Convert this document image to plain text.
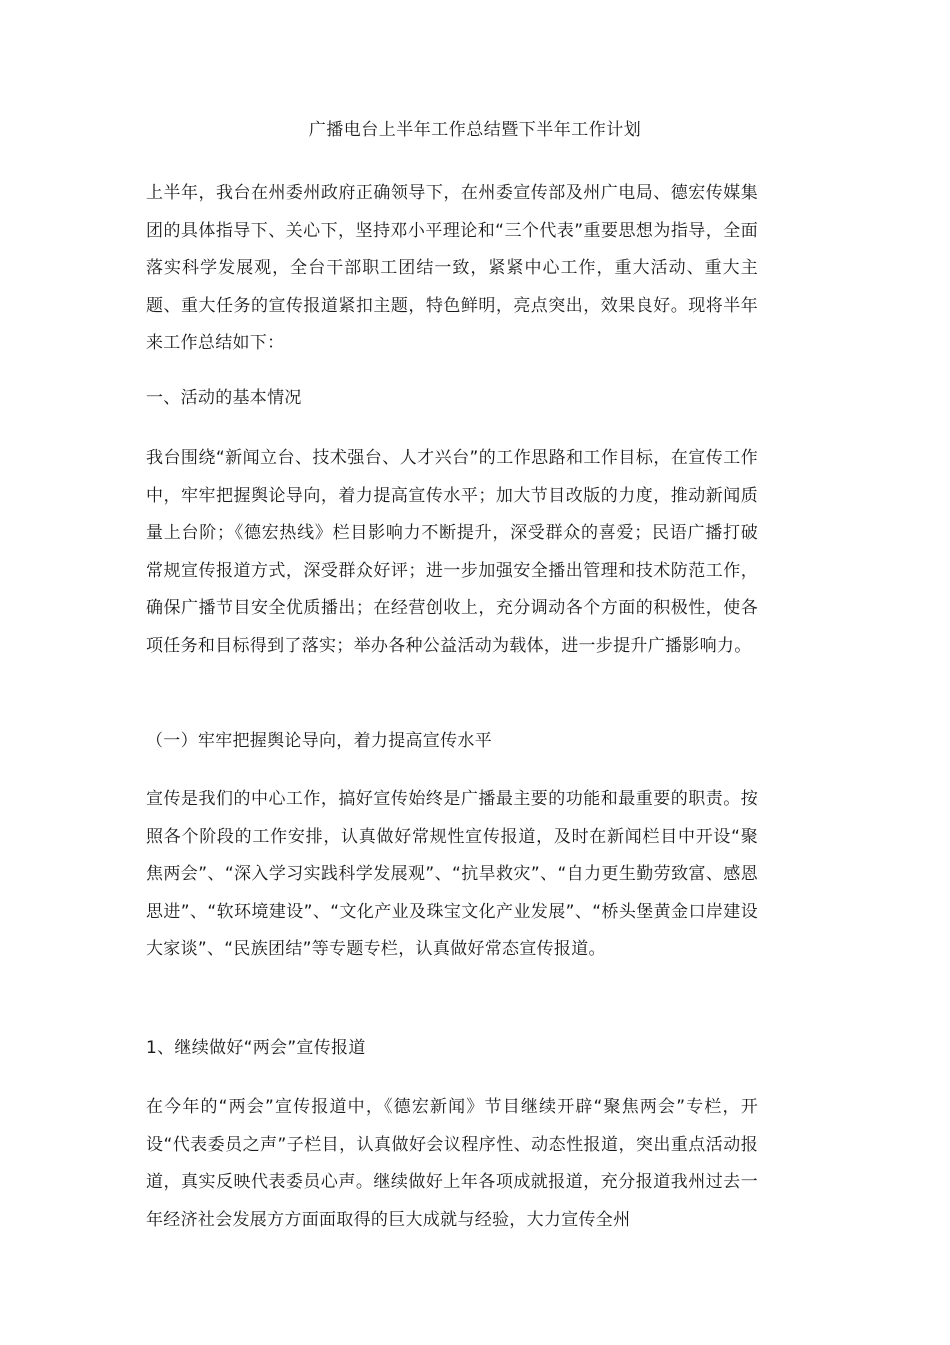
广播电台上半年工作总结暨下半年工作计划

上半年，我台在州委州政府正确领导下，在州委宣传部及州广电局、德宏传媒集团的具体指导下、关心下，坚持邓小平理论和“三个代表”重要思想为指导，全面落实科学发展观，全台干部职工团结一致，紧紧中心工作，重大活动、重大主题、重大任务的宣传报道紧扣主题，特色鲜明，亮点突出，效果良好。现将半年来工作总结如下：

一、活动的基本情况

我台围绕“新闻立台、技术强台、人才兴台”的工作思路和工作目标，在宣传工作中，牢牢把握舆论导向，着力提高宣传水平；加大节目改版的力度，推动新闻质量上台阶；《德宏热线》栏目影响力不断提升，深受群众的喜爱；民语广播打破常规宣传报道方式，深受群众好评；进一步加强安全播出管理和技术防范工作，确保广播节目安全优质播出；在经营创收上，充分调动各个方面的积极性，使各项任务和目标得到了落实；举办各种公益活动为载体，进一步提升广播影响力。

（一）牢牢把握舆论导向，着力提高宣传水平

宣传是我们的中心工作，搞好宣传始终是广播最主要的功能和最重要的职责。按照各个阶段的工作安排，认真做好常规性宣传报道，及时在新闻栏目中开设“聚焦两会”、“深入学习实践科学发展观”、“抗旱救灾”、“自力更生勤劳致富、感恩思进”、“软环境建设”、“文化产业及珠宝文化产业发展”、“桥头堡黄金口岸建设大家谈”、“民族团结”等专题专栏，认真做好常态宣传报道。

1、继续做好“两会”宣传报道

在今年的“两会”宣传报道中，《德宏新闻》节目继续开辟“聚焦两会”专栏，开设“代表委员之声”子栏目，认真做好会议程序性、动态性报道，突出重点活动报道，真实反映代表委员心声。继续做好上年各项成就报道，充分报道我州过去一年经济社会发展方方面面取得的巨大成就与经验，大力宣传全州
